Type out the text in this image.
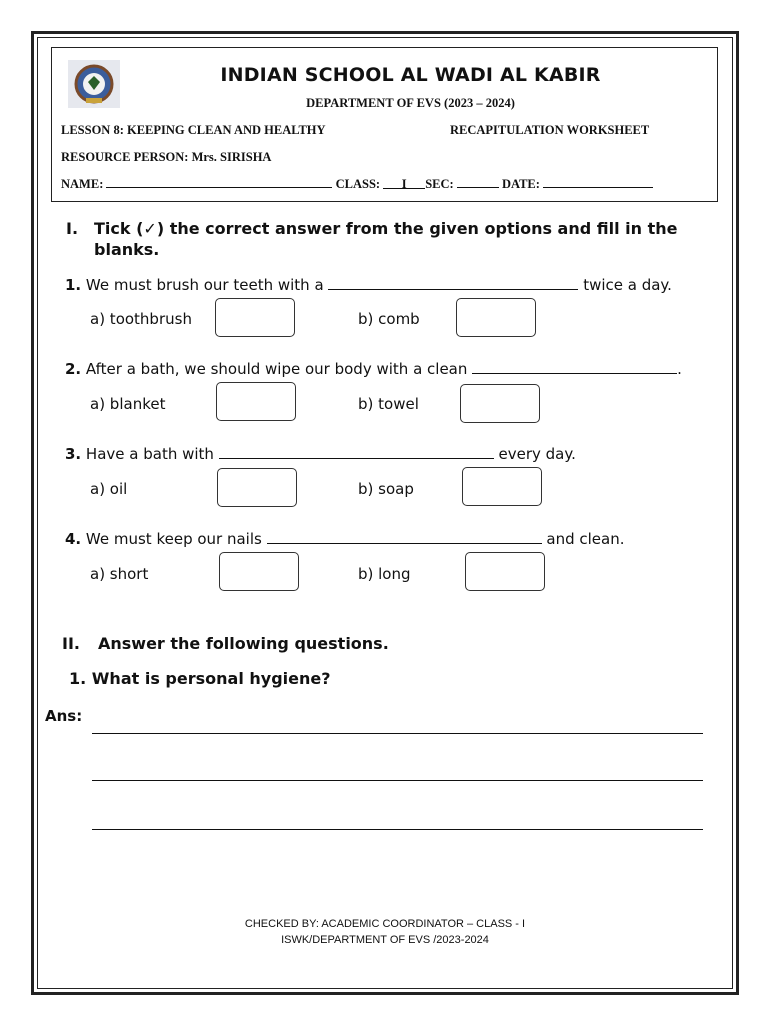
INDIAN SCHOOL AL WADI AL KABIR
DEPARTMENT OF EVS (2023 – 2024)
LESSON 8: KEEPING CLEAN AND HEALTHY	RECAPITULATION WORKSHEET
RESOURCE PERSON: Mrs. SIRISHA
NAME:	CLASS: I SEC:	DATE:
I. Tick (✓) the correct answer from the given options and fill in the blanks.
1. We must brush our teeth with a	twice a day.
a) toothbrush	b) comb
2. After a bath, we should wipe our body with a clean	.
a) blanket	b) towel
3. Have a bath with	every day.
a) oil	b) soap
4. We must keep our nails	and clean.
a) short	b) long
II. Answer the following questions.
1. What is personal hygiene?
Ans:
CHECKED BY: ACADEMIC COORDINATOR – CLASS - I
ISWK/DEPARTMENT OF EVS /2023-2024
